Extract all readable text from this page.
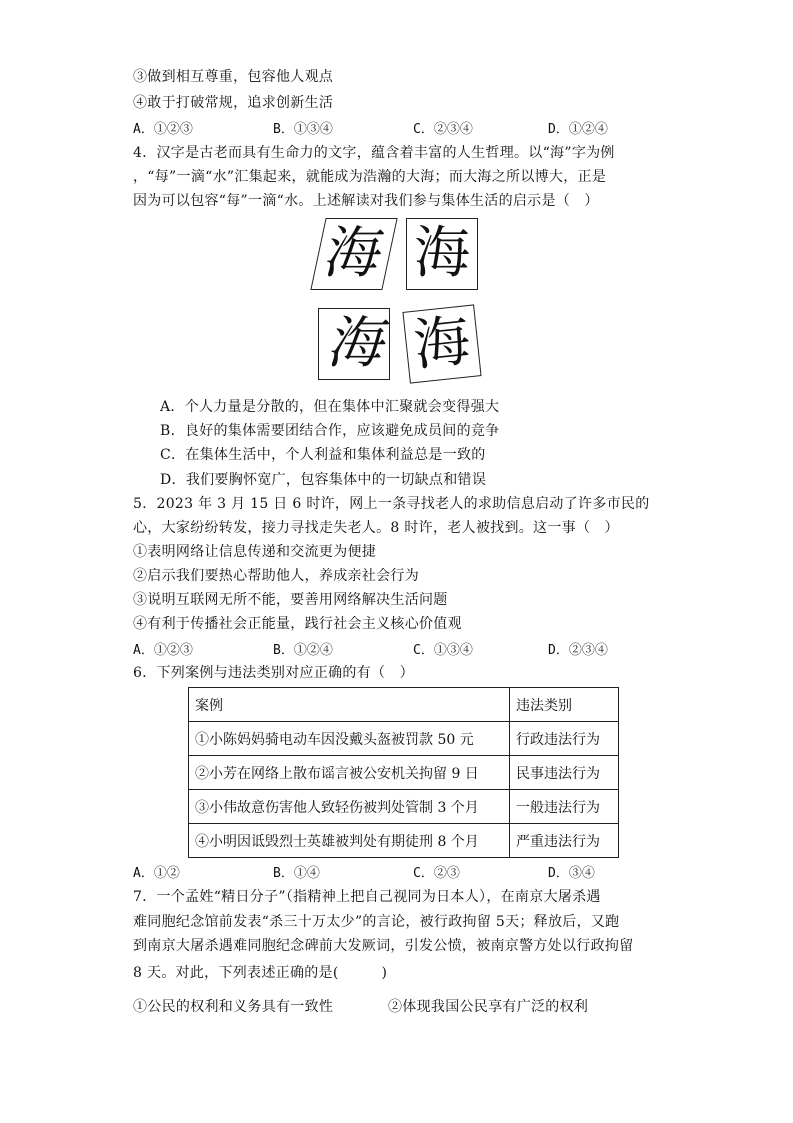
③做到相互尊重，包容他人观点
④敢于打破常规，追求创新生活
A．①②③	B．①③④	C．②③④	D．①②④
4．汉字是古老而具有生命力的文字，蕴含着丰富的人生哲理。以“海”字为例
，“每”一滴“水”汇集起来，就能成为浩瀚的大海；而大海之所以博大，正是
因为可以包容“每”一滴“水。上述解读对我们参与集体生活的启示是（　）
海 海
海 海
A．个人力量是分散的，但在集体中汇聚就会变得强大
B．良好的集体需要团结合作，应该避免成员间的竞争
C．在集体生活中，个人利益和集体利益总是一致的
D．我们要胸怀宽广，包容集体中的一切缺点和错误
5．2023 年 3 月 15 日 6 时许，网上一条寻找老人的求助信息启动了许多市民的
心，大家纷纷转发，接力寻找走失老人。8 时许，老人被找到。这一事（　）
①表明网络让信息传递和交流更为便捷
②启示我们要热心帮助他人，养成亲社会行为
③说明互联网无所不能，要善用网络解决生活问题
④有利于传播社会正能量，践行社会主义核心价值观
A．①②③	B．①②④	C．①③④	D．②③④
6．下列案例与违法类别对应正确的有（　）
案例	违法类别
①小陈妈妈骑电动车因没戴头盔被罚款 50 元	行政违法行为
②小芳在网络上散布谣言被公安机关拘留 9 日	民事违法行为
③小伟故意伤害他人致轻伤被判处管制 3 个月	一般违法行为
④小明因诋毁烈士英雄被判处有期徒刑 8 个月	严重违法行为
A．①②	B．①④	C．②③	D．③④
7．一个孟姓“精日分子”（指精神上把自己视同为日本人），在南京大屠杀遇
难同胞纪念馆前发表“杀三十万太少”的言论，被行政拘留 5天；释放后，又跑
到南京大屠杀遇难同胞纪念碑前大发厥词，引发公愤，被南京警方处以行政拘留
8 天。对此，下列表述正确的是(　　　)
①公民的权利和义务具有一致性	②体现我国公民享有广泛的权利
